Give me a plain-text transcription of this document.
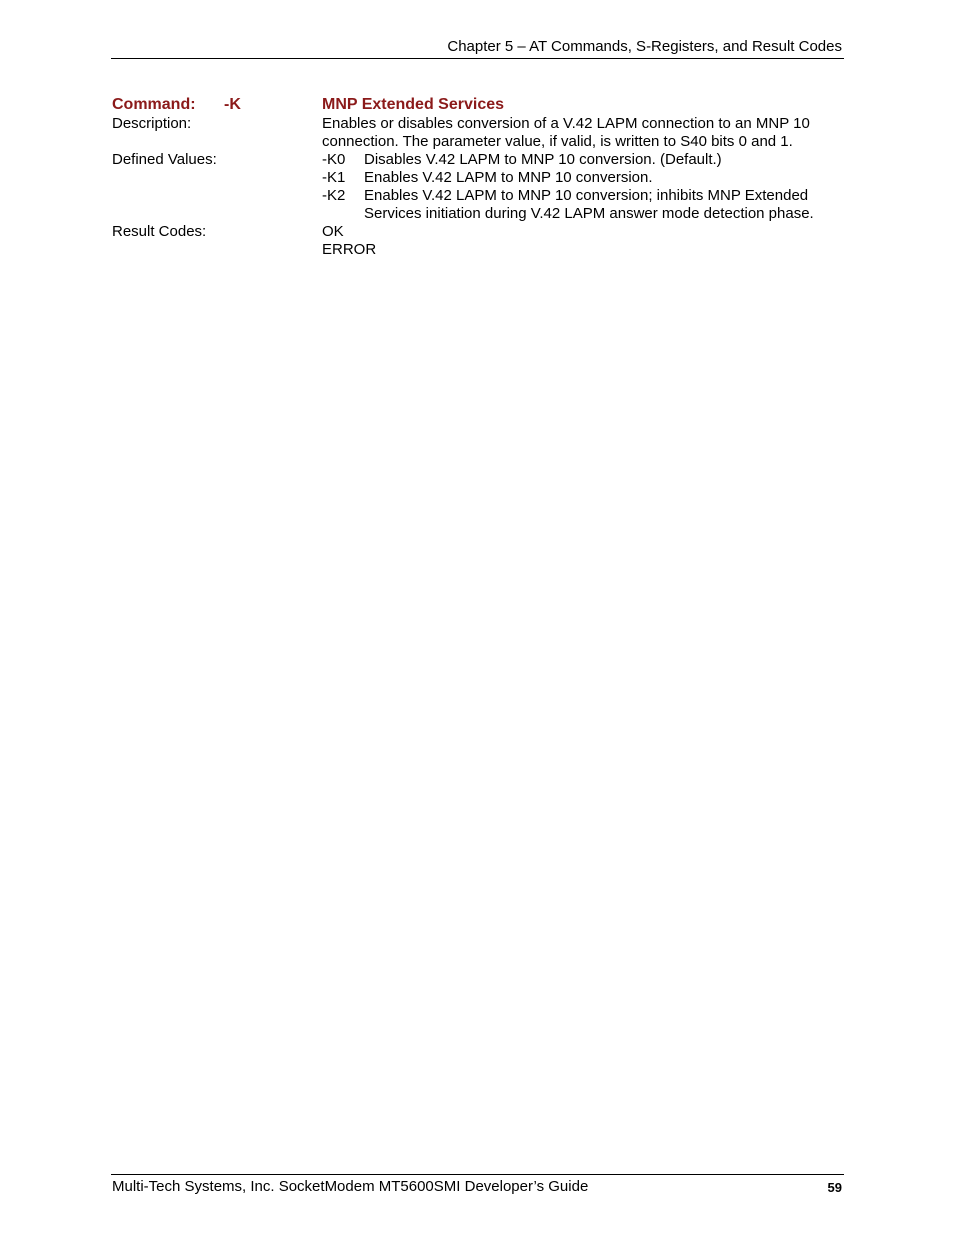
Chapter 5 – AT Commands, S-Registers, and Result Codes
Command:	-K	MNP Extended Services
Description:	Enables or disables conversion of a V.42 LAPM connection to an MNP 10 connection. The parameter value, if valid, is written to S40 bits 0 and 1.
Defined Values:	-K0	Disables V.42 LAPM to MNP 10 conversion. (Default.)
-K1	Enables V.42 LAPM to MNP 10 conversion.
-K2	Enables V.42 LAPM to MNP 10 conversion; inhibits MNP Extended Services initiation during V.42 LAPM answer mode detection phase.
Result Codes:	OK
ERROR
Multi-Tech Systems, Inc. SocketModem MT5600SMI Developer’s Guide	59
